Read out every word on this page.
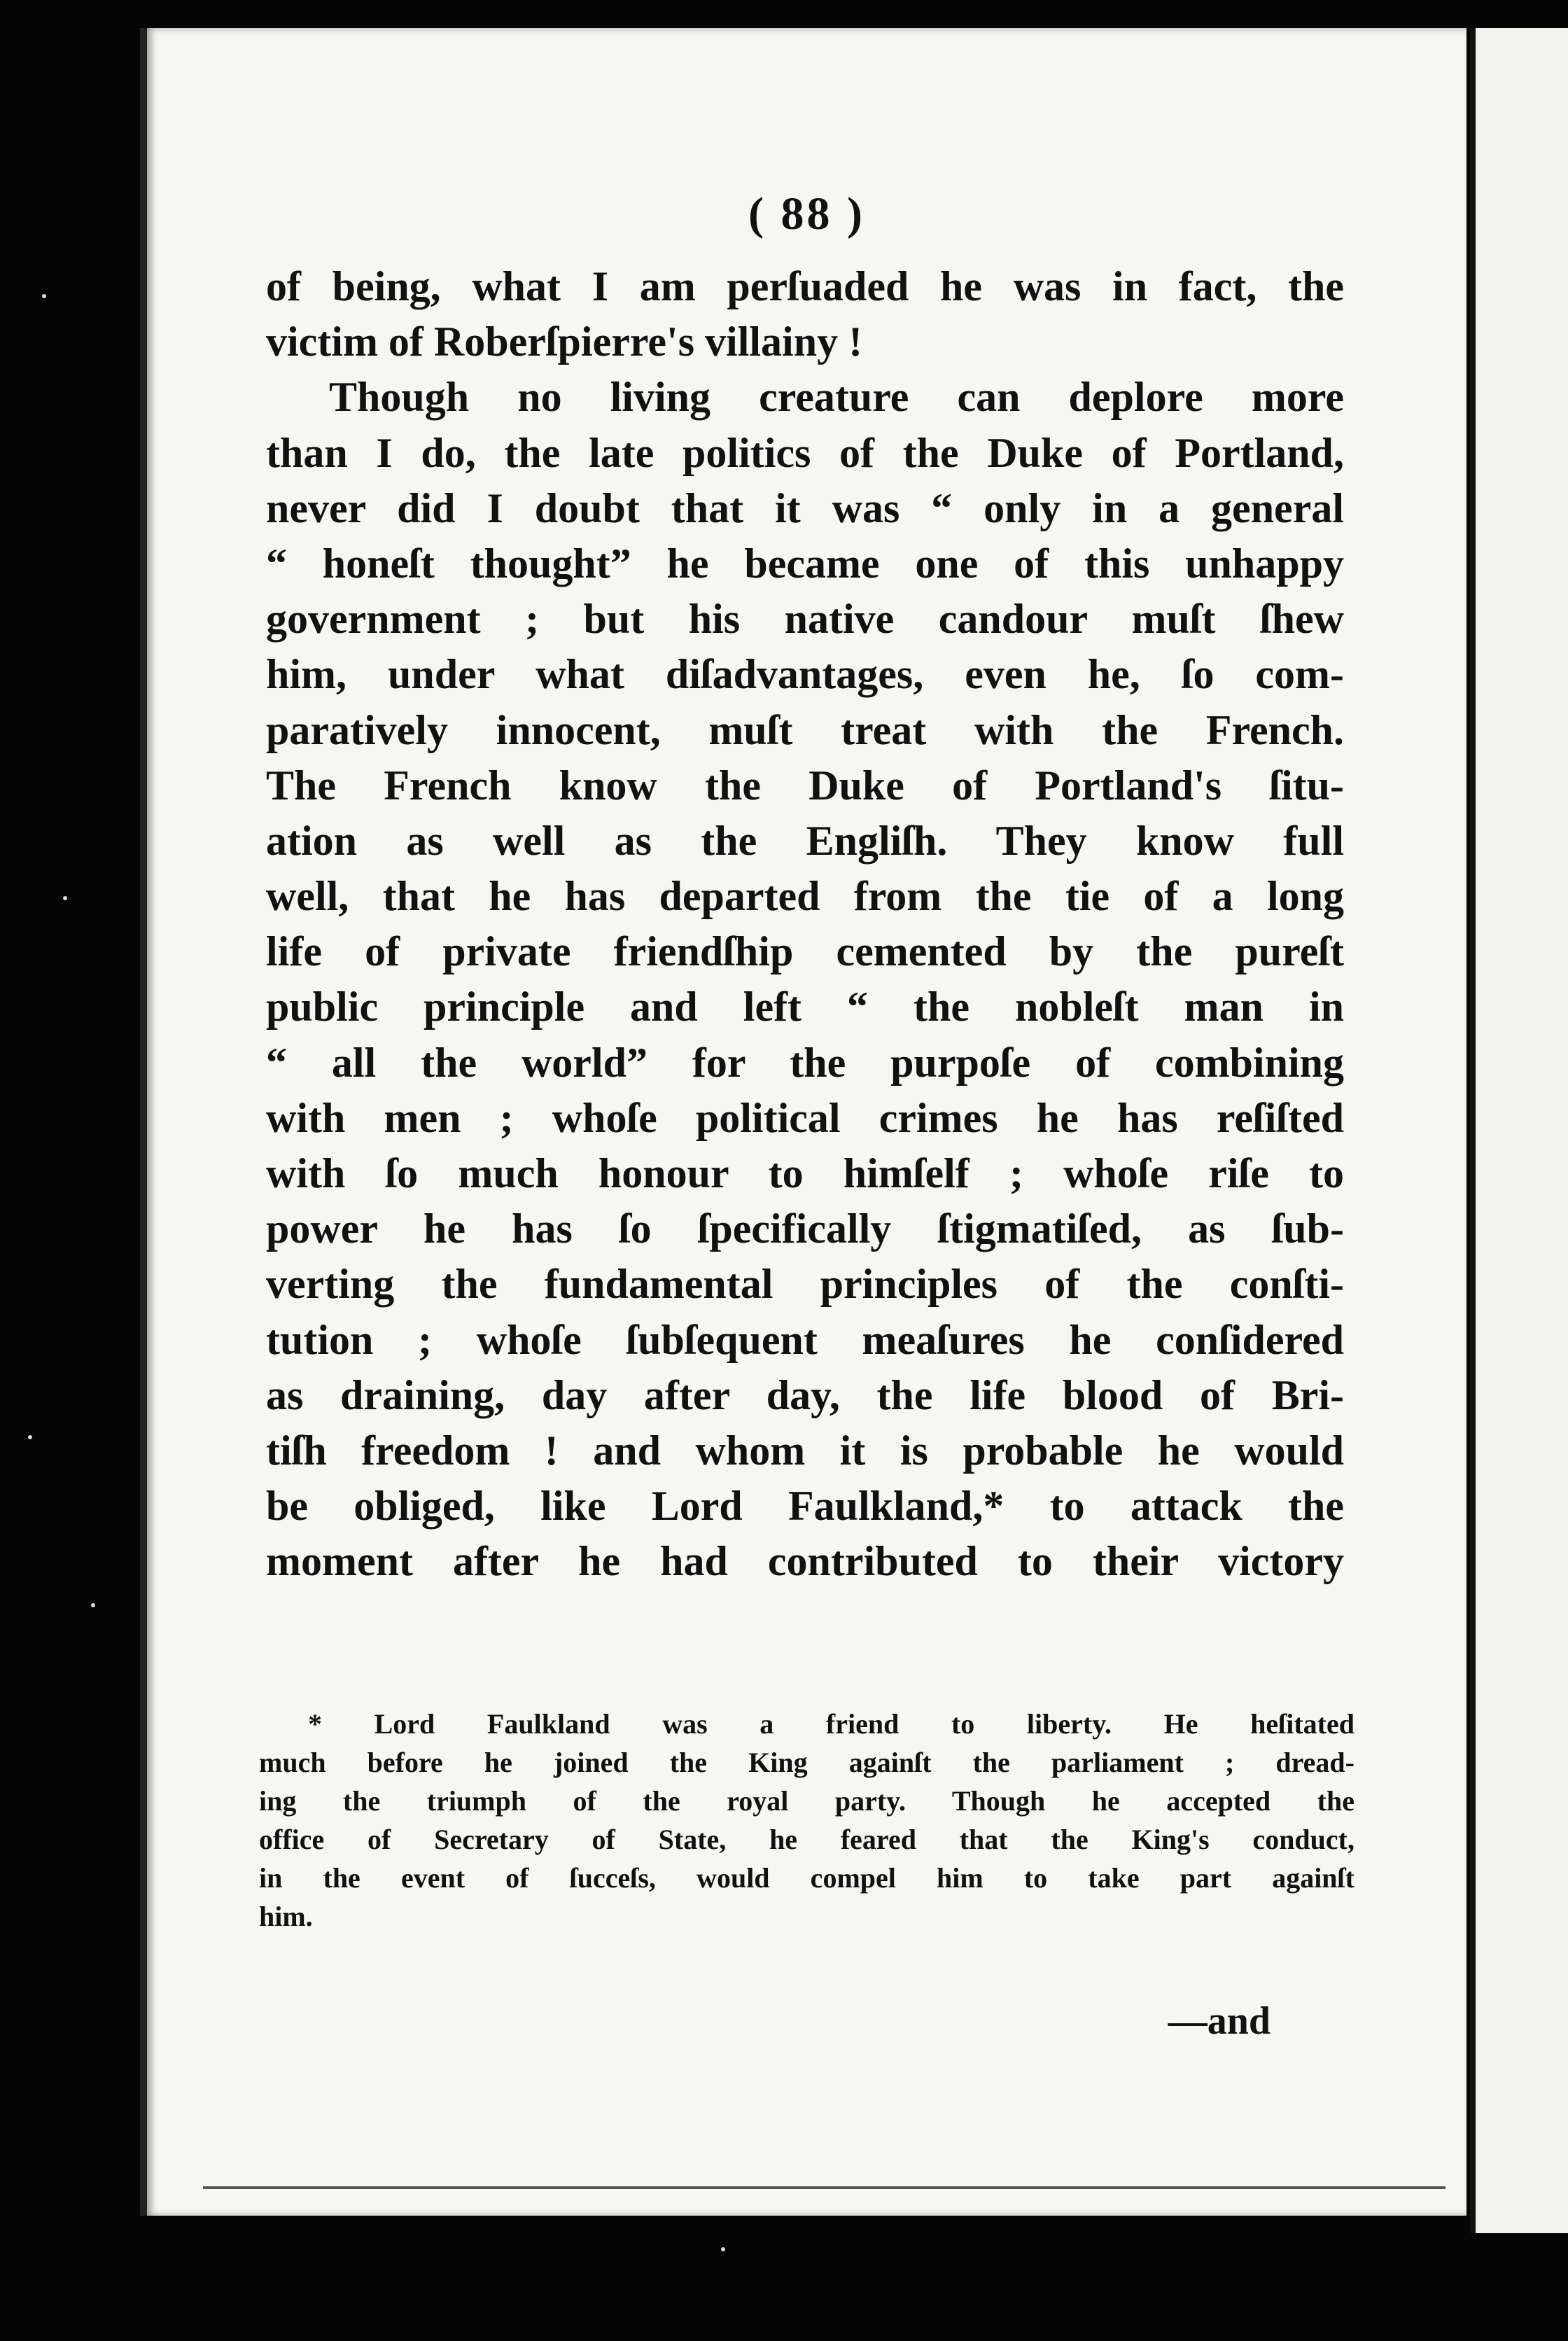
( 88 )
of being, what I am perſuaded he was in fact, the
victim of Roberſpierre's villainy !
Though no living creature can deplore more
than I do, the late politics of the Duke of Portland,
never did I doubt that it was “ only in a general
“ honeſt thought” he became one of this unhappy
government ; but his native candour muſt ſhew
him, under what diſadvantages, even he, ſo com-
paratively innocent, muſt treat with the French.
The French know the Duke of Portland's ſitu-
ation as well as the Engliſh. They know full
well, that he has departed from the tie of a long
life of private friendſhip cemented by the pureſt
public principle and left “ the nobleſt man in
“ all the world” for the purpoſe of combining
with men ; whoſe political crimes he has reſiſted
with ſo much honour to himſelf ; whoſe riſe to
power he has ſo ſpecifically ſtigmatiſed, as ſub-
verting the fundamental principles of the conſti-
tution ; whoſe ſubſequent meaſures he conſidered
as draining, day after day, the life blood of Bri-
tiſh freedom ! and whom it is probable he would
be obliged, like Lord Faulkland,* to attack the
moment after he had contributed to their victory
* Lord Faulkland was a friend to liberty. He heſitated
much before he joined the King againſt the parliament ; dread-
ing the triumph of the royal party. Though he accepted the
office of Secretary of State, he feared that the King's conduct,
in the event of ſucceſs, would compel him to take part againſt
him.
—and
